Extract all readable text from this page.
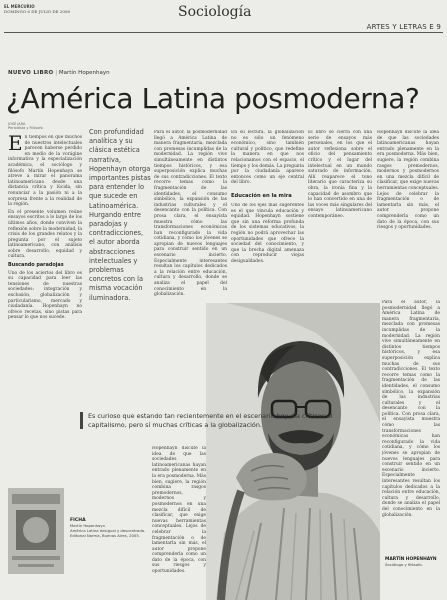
EL MERCURIO
DOMINGO 6 DE JULIO DE 2008	Sociología
ARTES Y LETRAS E 9
NUEVO LIBRO | Martín Hopenhayn
¿América Latina posmoderna?
JOSÉ JARA
Periodista y Filósofo
E n tiempos en que muchos de nuestros intelectuales parecen haberse perdido en medio de la vorágine informativa y la especialización académica, el sociólogo y filósofo Martín Hopenhayn se atreve a mirar el panorama latinoamericano desde una distancia crítica y lúcida, sin renunciar a la pasión ni a la sorpresa frente a la realidad de la región.

En el presente volumen reúne ensayos escritos a lo largo de los últimos años, donde conviven la reflexión sobre la modernidad, la crisis de los grandes relatos y la pregunta por el sujeto latinoamericano, con análisis sobre desarrollo, equidad y cultura.

Buscando paradojas

Uno de los aciertos del libro es su capacidad para leer las tensiones de nuestras sociedades: integración y exclusión, globalización y particularismo, mercado y ciudadanía. Hopenhayn no ofrece recetas, sino pistas para pensar lo que nos sucede.

Con profundidad analítica y su clásica estética narrativa, Hopenhayn otorga importantes pistas para entender lo que sucede en Latinoamérica. Hurgando entre paradojas y contradicciones, el autor aborda abstracciones intelectuales y problemas concretos con la misma vocación iluminadora.
Para el autor, la posmodernidad llegó a América Latina de manera fragmentaria, mezclada con promesas incumplidas de la modernidad. La región vive simultáneamente en distintos tiempos históricos, y esa superposición explica muchas de sus contradicciones. El texto recorre temas como la fragmentación de las identidades, el consumo simbólico, la expansión de las industrias culturales y el desencanto con la política. Con prosa clara, el ensayista muestra cómo las transformaciones económicas han reconfigurado la vida cotidiana, y cómo los jóvenes se apropian de nuevos lenguajes para construir sentido en un escenario incierto. Especialmente interesantes resultan los capítulos dedicados a la relación entre educación, cultura y desarrollo, donde se analiza el papel del conocimiento en la globalización.
Hopenhayn discute la idea de que las sociedades latinoamericanas hayan entrado plenamente en la era posmoderna. Más bien, sugiere, la región combina rasgos premodernos, modernos y posmodernos en una mezcla difícil de clasificar, que exige nuevas herramientas conceptuales. Lejos de celebrar la fragmentación o de lamentarla sin más, el autor propone comprenderla como un dato de la época, con sus riesgos y oportunidades.
En su lectura, la globalización no es sólo un fenómeno económico, sino también cultural y político, que redefine la manera en que nos relacionamos con el espacio, el tiempo y los demás. La pregunta por la ciudadanía aparece entonces como un eje central del libro.
Educación en la mira
Uno de los ejes más sugerentes es el que vincula educación y equidad. Hopenhayn sostiene que sin una reforma profunda de los sistemas educativos, la región no podrá aprovechar las oportunidades que ofrece la sociedad del conocimiento, y que la brecha digital amenaza con reproducir viejas desigualdades.
El libro se cierra con una serie de ensayos más personales, en los que el autor reflexiona sobre el oficio del pensamiento crítico y el lugar del intelectual en un mundo saturado de información. Allí reaparece el tono literario que caracteriza su obra, la ironía fina y la capacidad de asombro que lo han convertido en una de las voces más singulares del ensayo latinoamericano contemporáneo.
Hopenhayn discute la idea de que las sociedades latinoamericanas hayan entrado plenamente en la era posmoderna. Más bien, sugiere, la región combina rasgos premodernos, modernos y posmodernos en una mezcla difícil de clasificar, que exige nuevas herramientas conceptuales. Lejos de celebrar la fragmentación o de lamentarla sin más, el autor propone comprenderla como un dato de la época, con sus riesgos y oportunidades.
Para el autor, la posmodernidad llegó a América Latina de manera fragmentaria, mezclada con promesas incumplidas de la modernidad. La región vive simultáneamente en distintos tiempos históricos, y esa superposición explica muchas de sus contradicciones. El texto recorre temas como la fragmentación de las identidades, el consumo simbólico, la expansión de las industrias culturales y el desencanto con la política. Con prosa clara, el ensayista muestra cómo las transformaciones económicas han reconfigurado la vida cotidiana, y cómo los jóvenes se apropian de nuevos lenguajes para construir sentido en un escenario incierto. Especialmente interesantes resultan los capítulos dedicados a la relación entre educación, cultura y desarrollo, donde se analiza el papel del conocimiento en la globalización.
Es curioso que estando tan recientemente en el escenario hoy día críticas al capitalismo, pero sí muchas críticas a la globalización.
FICHA
Martín Hopenhayn
América Latina desigual y descentrada. Editorial Norma, Buenos Aires, 2005.
MARTÍN HOPENHAYN
Sociólogo y filósofo.
